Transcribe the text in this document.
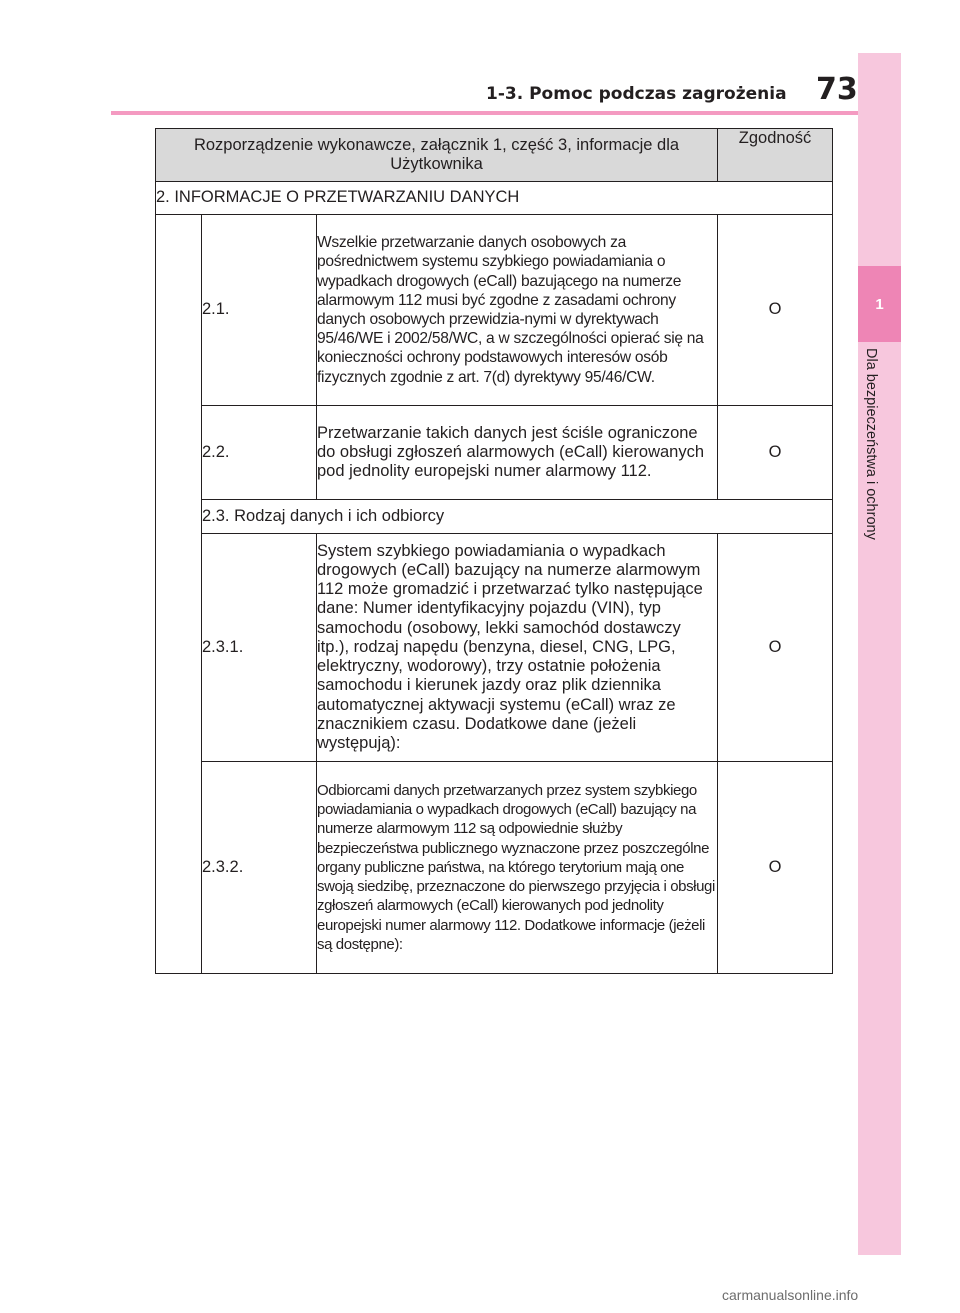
1-3. Pomoc podczas zagrożenia 73
1
Dla bezpieczeństwa i ochrony
Rozporządzenie wykonawcze, załącznik 1, część 3, informacje dla Użytkownika			Zgodność
2. INFORMACJE O PRZETWARZANIU DANYCH			
	2.1.	Wszelkie przetwarzanie danych osobowych za pośrednictwem systemu szybkiego powiadamiania o wypadkach drogowych (eCall) bazującego na numerze alarmowym 112 musi być zgodne z zasadami ochrony danych osobowych przewidzia-nymi w dyrektywach 95/46/WE i 2002/58/WC, a w szczególności opierać się na konieczności ochrony podstawowych interesów osób fizycznych zgodnie z art. 7(d) dyrektywy 95/46/CW.	O
	2.2.	Przetwarzanie takich danych jest ściśle ograniczone do obsługi zgłoszeń alarmowych (eCall) kierowanych pod jednolity europejski numer alarmowy 112.	O
	2.3. Rodzaj danych i ich odbiorcy		
	2.3.1.	System szybkiego powiadamiania o wypadkach drogowych (eCall) bazujący na numerze alarmowym 112 może gromadzić i przetwarzać tylko następujące dane: Numer identyfikacyjny pojazdu (VIN), typ samochodu (osobowy, lekki samochód dostawczy itp.), rodzaj napędu (benzyna, diesel, CNG, LPG, elektryczny, wodorowy), trzy ostatnie położenia samochodu i kierunek jazdy oraz plik dziennika automatycznej aktywacji systemu (eCall) wraz ze znacznikiem czasu. Dodatkowe dane (jeżeli występują):	O
	2.3.2.	Odbiorcami danych przetwarzanych przez system szybkiego powiadamiania o wypadkach drogowych (eCall) bazujący na numerze alarmowym 112 są odpowiednie służby bezpieczeństwa publicznego wyznaczone przez poszczególne organy publiczne państwa, na którego terytorium mają one swoją siedzibę, przeznaczone do pierwszego przyjęcia i obsługi zgłoszeń alarmowych (eCall) kierowanych pod jednolity europejski numer alarmowy 112. Dodatkowe informacje (jeżeli są dostępne):	O
carmanualsonline.info
